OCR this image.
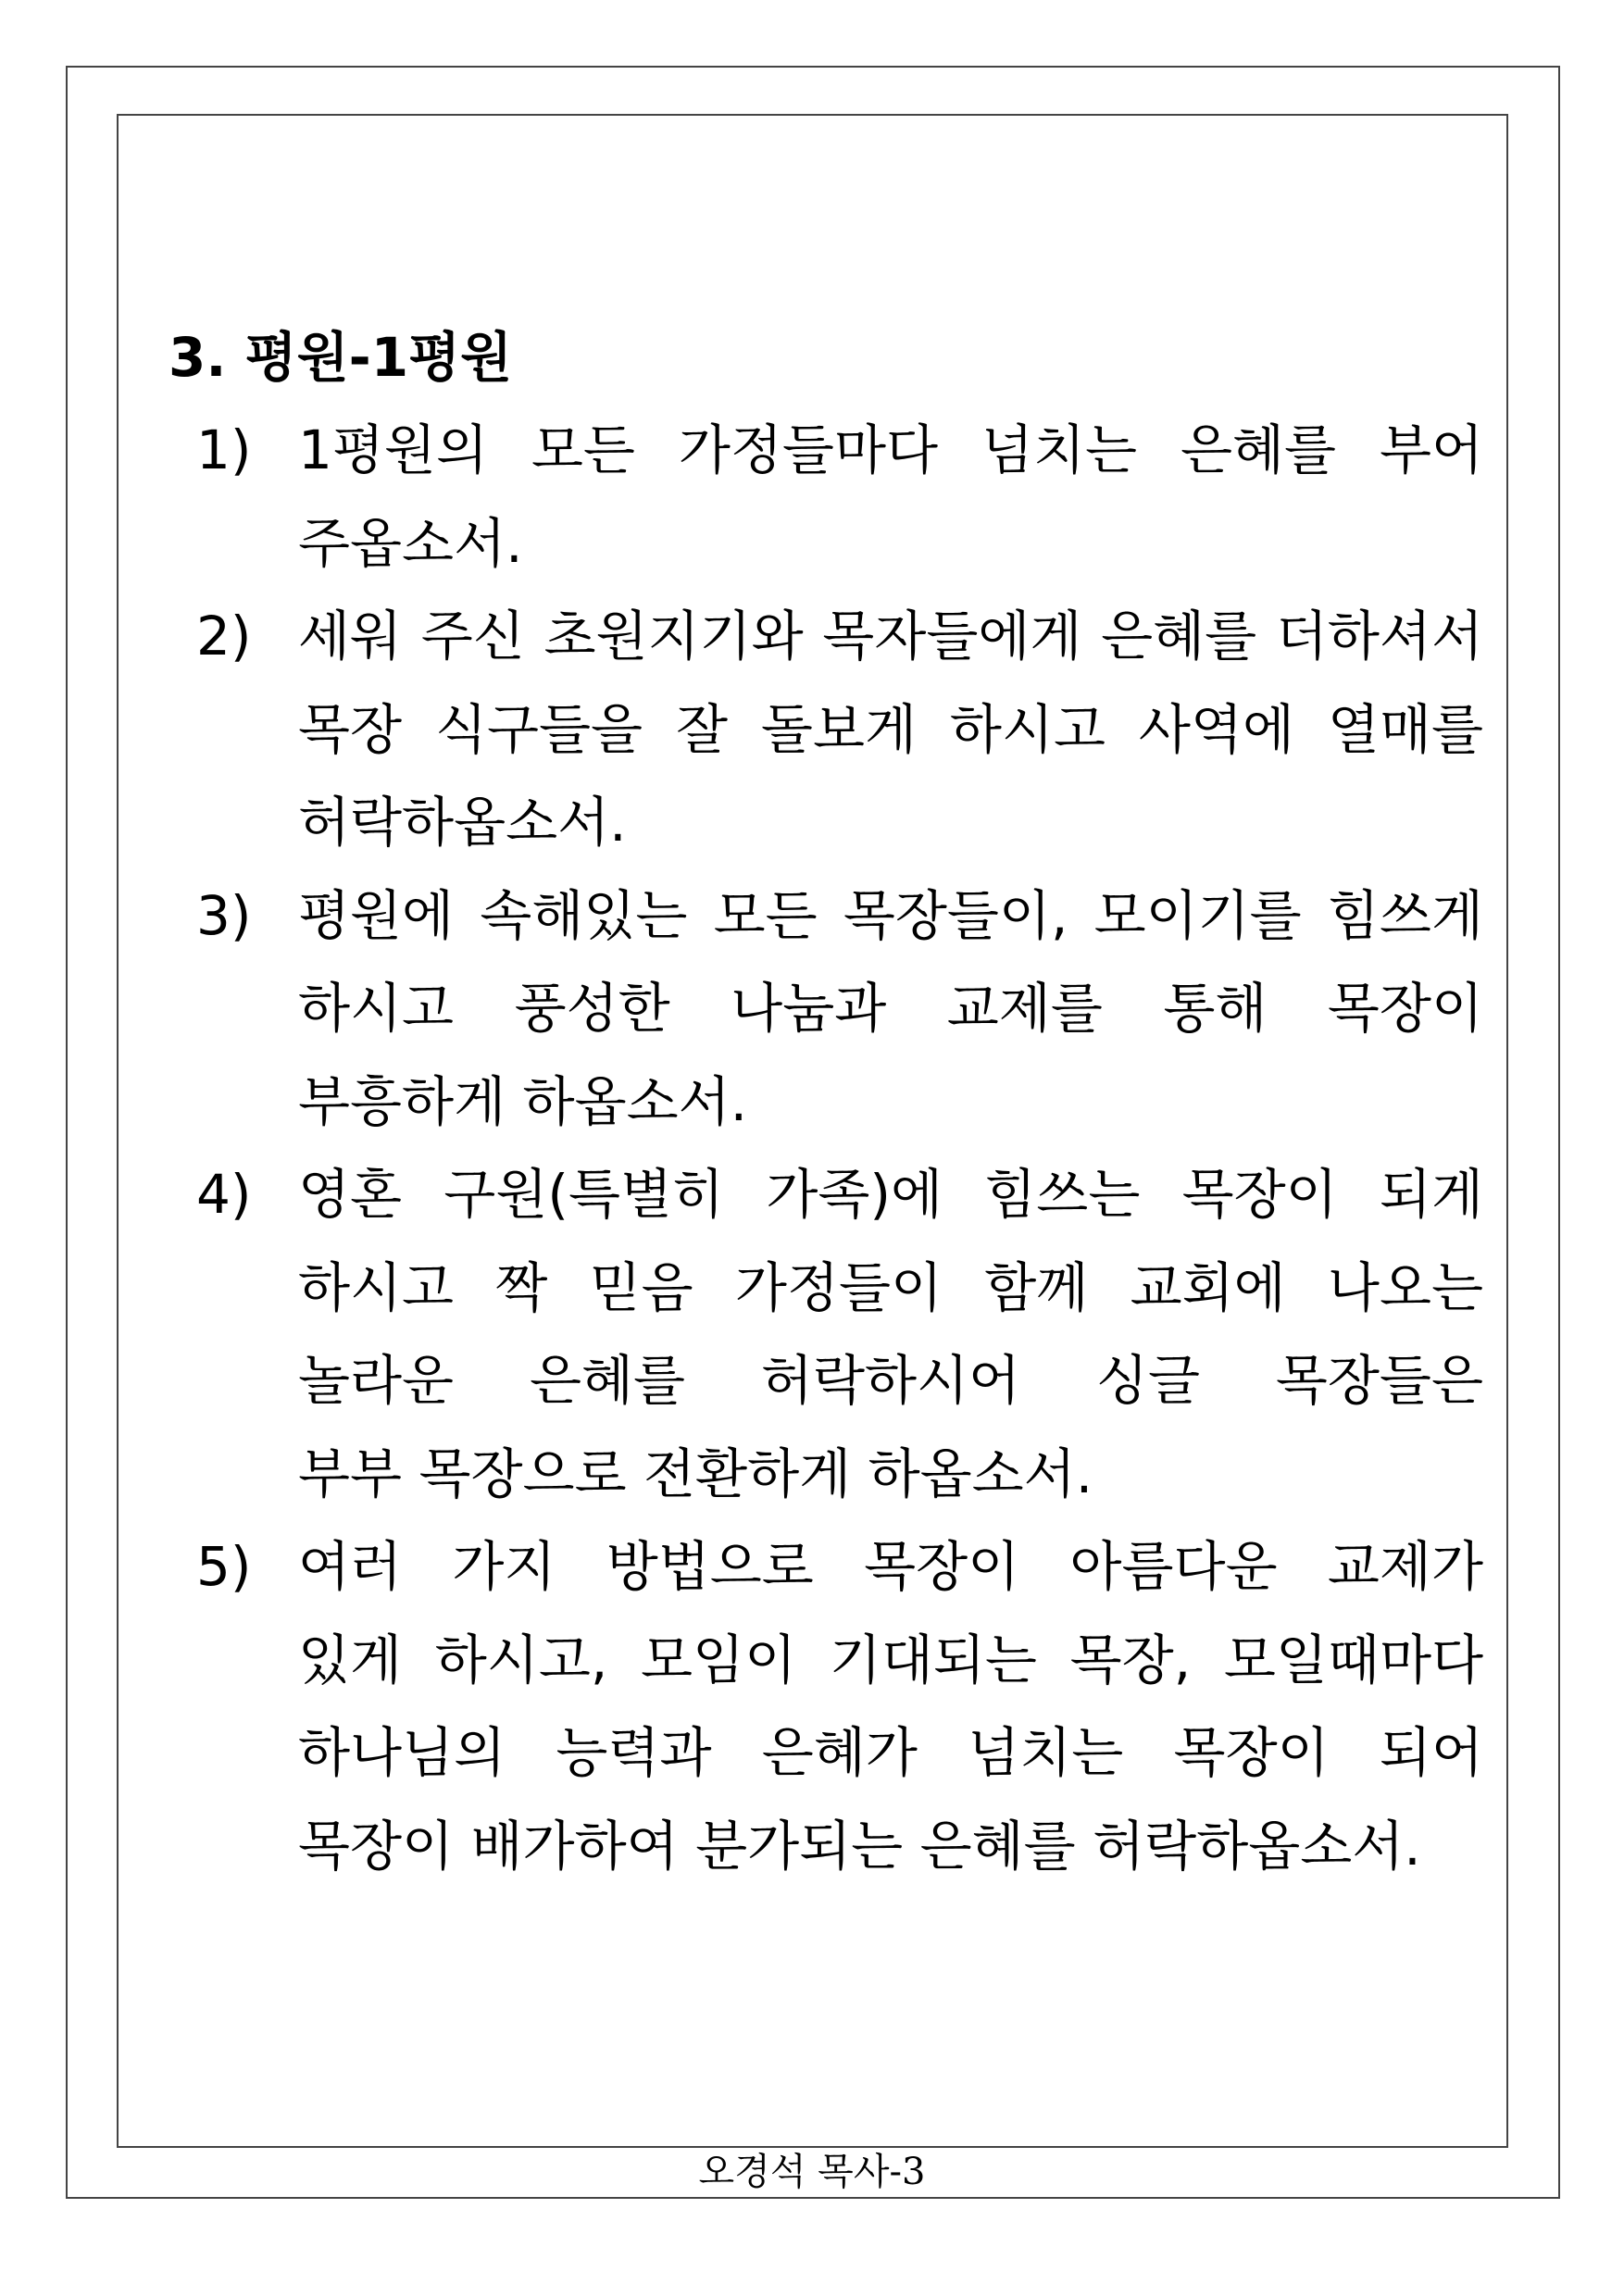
3. 평원-1평원
1) 1평원의 모든 가정들마다 넘치는 은혜를 부어
주옵소서.
2) 세워 주신 초원지기와 목자들에게 은혜를 더하셔서
목장 식구들을 잘 돌보게 하시고 사역에 열매를
허락하옵소서.
3) 평원에 속해있는 모든 목장들이, 모이기를 힘쓰게
하시고 풍성한 나눔과 교제를 통해 목장이
부흥하게 하옵소서.
4) 영혼 구원(특별히 가족)에 힘쓰는 목장이 되게
하시고 짝 믿음 가정들이 함께 교회에 나오는
놀라운 은혜를 허락하시어 싱글 목장들은
부부 목장으로 전환하게 하옵소서.
5) 여러 가지 방법으로 목장이 아름다운 교제가
있게 하시고, 모임이 기대되는 목장, 모일때마다
하나님의 능력과 은혜가 넘치는 목장이 되어
목장이 배가하여 분가되는 은혜를 허락하옵소서.
오경석 목사-3
